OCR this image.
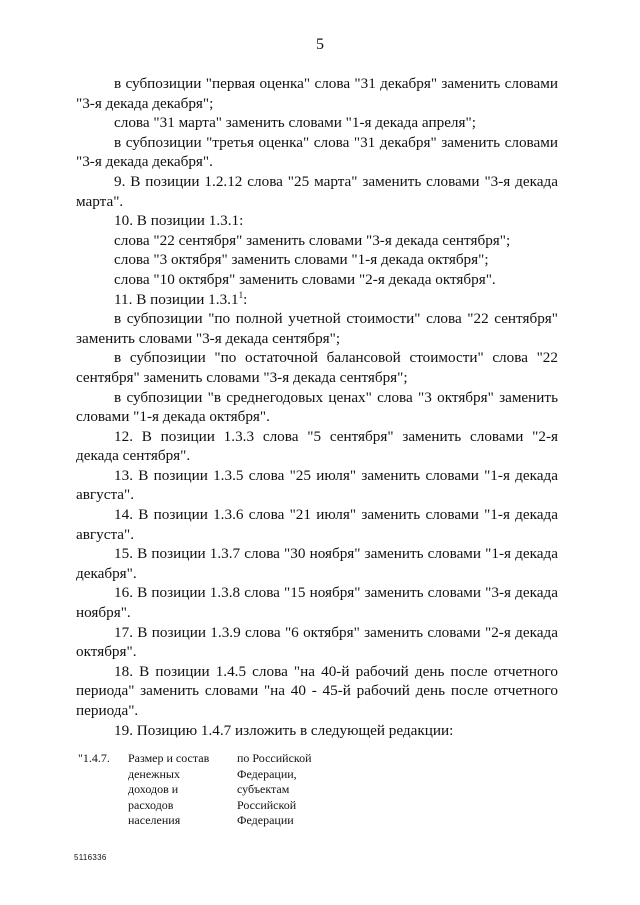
5

в субпозиции "первая оценка" слова "31 декабря" заменить словами "3-я декада декабря";

слова "31 марта" заменить словами "1-я декада апреля";

в субпозиции "третья оценка" слова "31 декабря" заменить словами "3-я декада декабря".

9. В позиции 1.2.12 слова "25 марта" заменить словами "3-я декада марта".

10. В позиции 1.3.1:

слова "22 сентября" заменить словами "3-я декада сентября";

слова "3 октября" заменить словами "1-я декада октября";

слова "10 октября" заменить словами "2-я декада октября".

11. В позиции 1.3.1$^1$:

в субпозиции "по полной учетной стоимости" слова "22 сентября" заменить словами "3-я декада сентября";

в субпозиции "по остаточной балансовой стоимости" слова "22 сентября" заменить словами "3-я декада сентября";

в субпозиции "в среднегодовых ценах" слова "3 октября" заменить словами "1-я декада октября".

12. В позиции 1.3.3 слова "5 сентября" заменить словами "2-я декада сентября".

13. В позиции 1.3.5 слова "25 июля" заменить словами "1-я декада августа".

14. В позиции 1.3.6 слова "21 июля" заменить словами "1-я декада августа".

15. В позиции 1.3.7 слова "30 ноября" заменить словами "1-я декада декабря".

16. В позиции 1.3.8 слова "15 ноября" заменить словами "3-я декада ноября".

17. В позиции 1.3.9 слова "6 октября" заменить словами "2-я декада октября".

18. В позиции 1.4.5 слова "на 40-й рабочий день после отчетного периода" заменить словами "на 40 - 45-й рабочий день после отчетного периода".

19. Позицию 1.4.7 изложить в следующей редакции:

"1.4.7.	Размер и состав
денежных
доходов и
расходов
населения
по Российской
Федерации,
субъектам
Российской
Федерации
5116336
